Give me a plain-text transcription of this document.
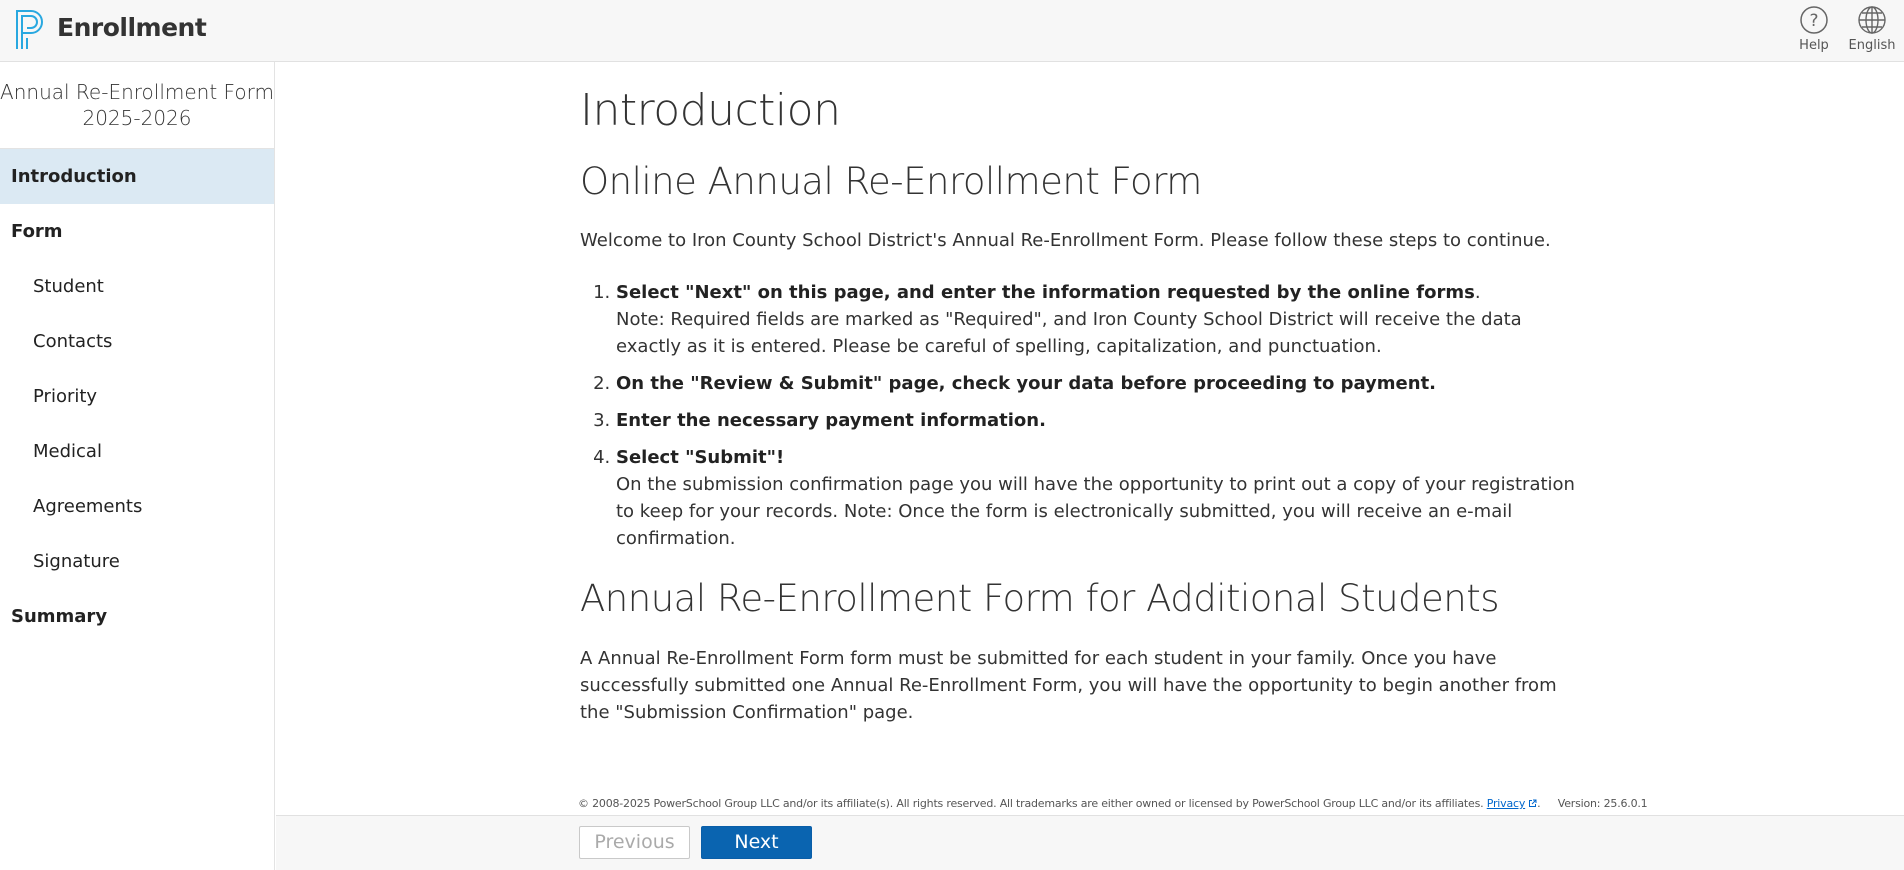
Enrollment	?
Help	English
Annual Re-Enrollment Form
2025-2026
Introduction
Form
Student
Contacts
Priority
Medical
Agreements
Signature
Summary
Introduction
Online Annual Re-Enrollment Form

Welcome to Iron County School District's Annual Re-Enrollment Form. Please follow these steps to continue.

1. Select "Next" on this page, and enter the information requested by the online forms.
Note: Required fields are marked as "Required", and Iron County School District will receive the data exactly as it is entered. Please be careful of spelling, capitalization, and punctuation.
2. On the "Review & Submit" page, check your data before proceeding to payment.
3. Enter the necessary payment information.
4. Select "Submit"!
On the submission confirmation page you will have the opportunity to print out a copy of your registration to keep for your records. Note: Once the form is electronically submitted, you will receive an e-mail confirmation.
Annual Re-Enrollment Form for Additional Students

A Annual Re-Enrollment Form form must be submitted for each student in your family. Once you have successfully submitted one Annual Re-Enrollment Form, you will have the opportunity to begin another from the "Submission Confirmation" page.

© 2008-2025 PowerSchool Group LLC and/or its affiliate(s). All rights reserved. All trademarks are either owned or licensed by PowerSchool Group LLC and/or its affiliates. Privacy . Version: 25.6.0.1
Previous	Next
